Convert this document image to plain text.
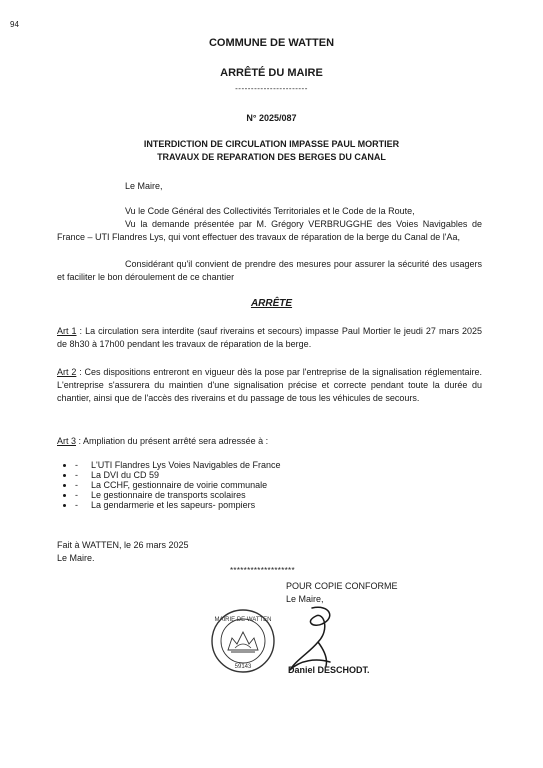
94
COMMUNE DE WATTEN
ARRÊTÉ DU MAIRE
-----------------------
N° 2025/087
INTERDICTION DE CIRCULATION IMPASSE PAUL MORTIER
TRAVAUX DE REPARATION DES BERGES DU CANAL
Le Maire,
Vu le Code Général des Collectivités Territoriales et le Code de la Route,
Vu la demande présentée par M. Grégory VERBRUGGHE des Voies Navigables de France – UTI Flandres Lys, qui vont effectuer des travaux de réparation de la berge du Canal de l'Aa,
Considérant qu'il convient de prendre des mesures pour assurer la sécurité des usagers et faciliter le bon déroulement de ce chantier
ARRÊTE
Art 1 : La circulation sera interdite (sauf riverains et secours) impasse Paul Mortier le jeudi 27 mars 2025 de 8h30 à 17h00 pendant les travaux de réparation de la berge.
Art 2 : Ces dispositions entreront en vigueur dès la pose par l'entreprise de la signalisation réglementaire. L'entreprise s'assurera du maintien d'une signalisation précise et correcte pendant toute la durée du chantier, ainsi que de l'accès des riverains et du passage de tous les véhicules de secours.
Art 3 : Ampliation du présent arrêté sera adressée à :
• - L'UTI Flandres Lys Voies Navigables de France
• - La DVI du CD 59
• - La CCHF, gestionnaire de voirie communale
• - Le gestionnaire de transports scolaires
• - La gendarmerie et les sapeurs- pompiers
Fait à WATTEN, le 26 mars 2025
Le Maire.
*******************
POUR COPIE CONFORME
Le Maire,
MAIRIE DE WATTEN
59143	Daniel DESCHODT.
